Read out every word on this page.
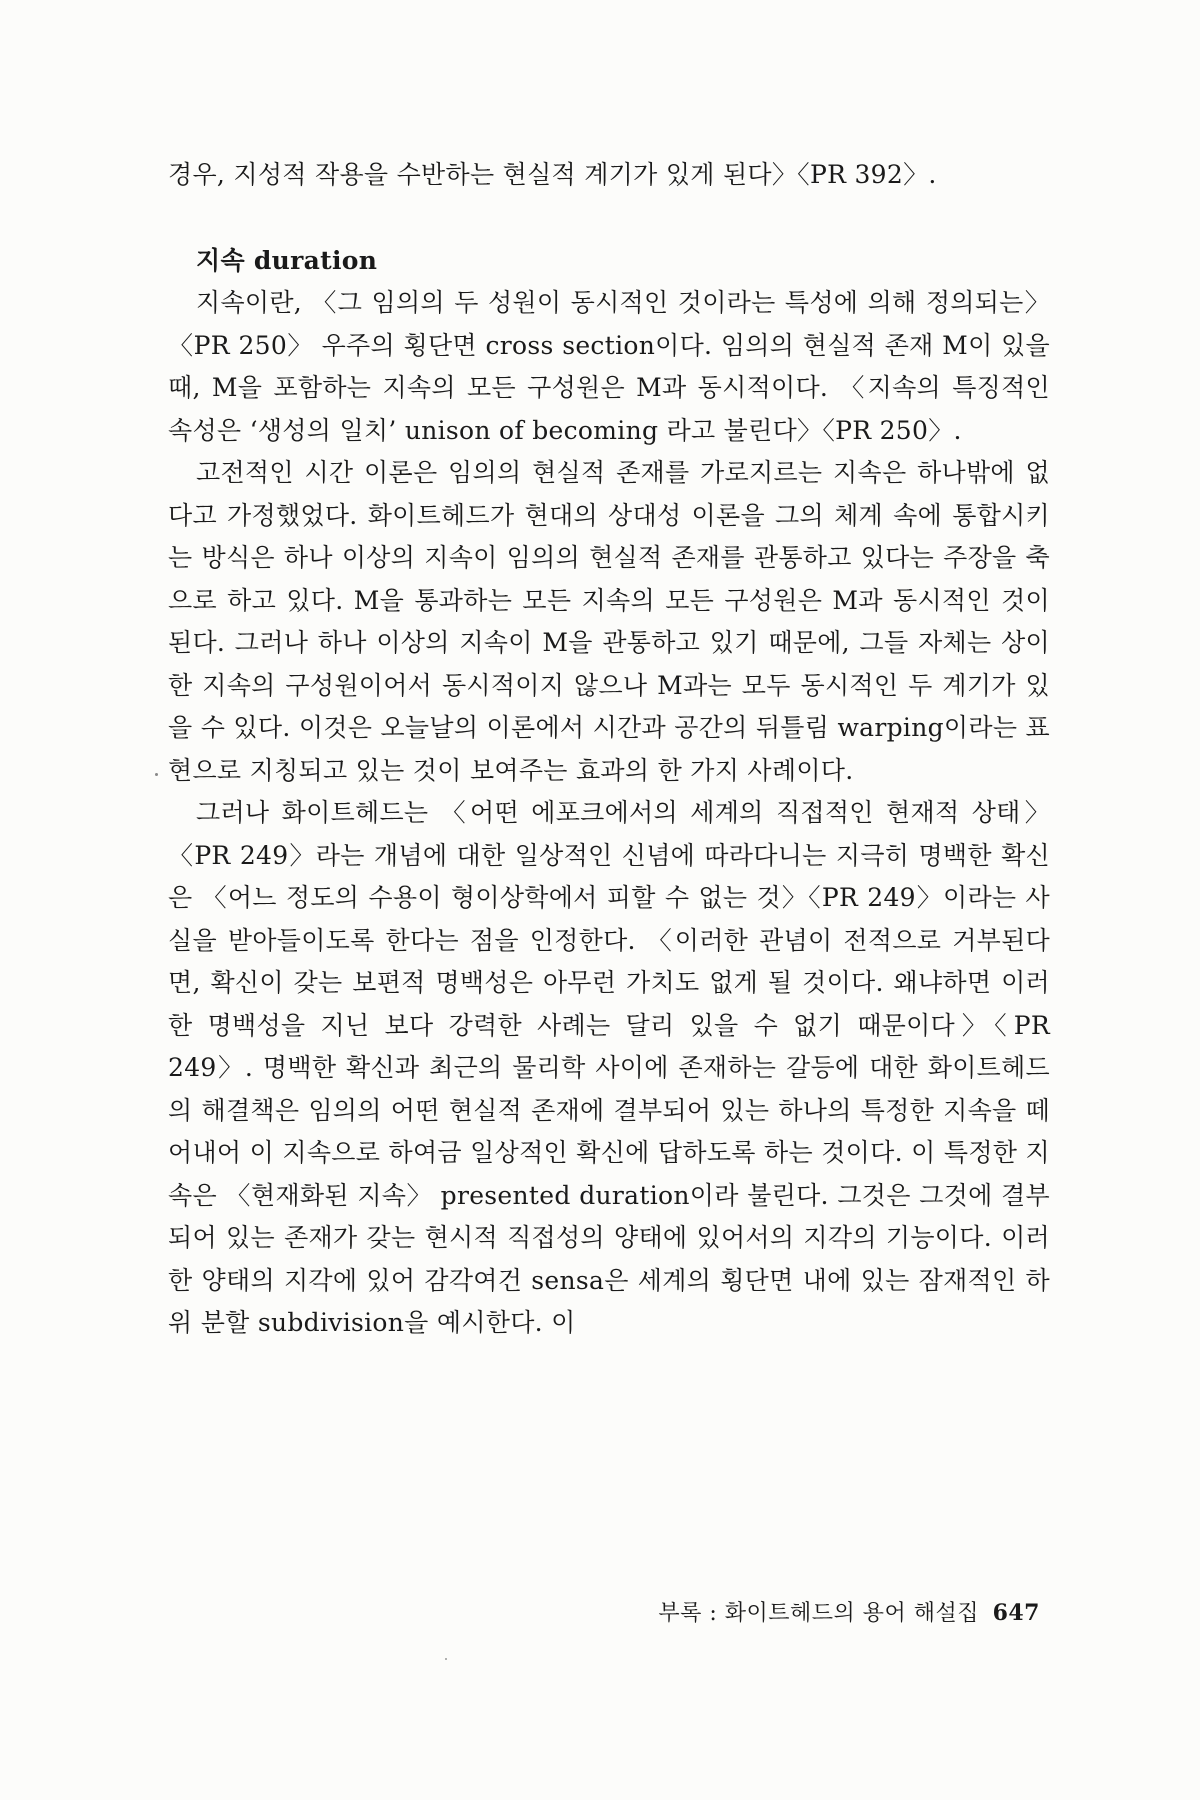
경우, 지성적 작용을 수반하는 현실적 계기가 있게 된다〉〈PR 392〉.

지속 duration

지속이란, 〈그 임의의 두 성원이 동시적인 것이라는 특성에 의해 정의되는〉〈PR 250〉 우주의 횡단면 cross section이다. 임의의 현실적 존재 M이 있을 때, M을 포함하는 지속의 모든 구성원은 M과 동시적이다. 〈지속의 특징적인 속성은 ‘생성의 일치’ unison of becoming 라고 불린다〉〈PR 250〉.

고전적인 시간 이론은 임의의 현실적 존재를 가로지르는 지속은 하나밖에 없다고 가정했었다. 화이트헤드가 현대의 상대성 이론을 그의 체계 속에 통합시키는 방식은 하나 이상의 지속이 임의의 현실적 존재를 관통하고 있다는 주장을 축으로 하고 있다. M을 통과하는 모든 지속의 모든 구성원은 M과 동시적인 것이 된다. 그러나 하나 이상의 지속이 M을 관통하고 있기 때문에, 그들 자체는 상이한 지속의 구성원이어서 동시적이지 않으나 M과는 모두 동시적인 두 계기가 있을 수 있다. 이것은 오늘날의 이론에서 시간과 공간의 뒤틀림 warping이라는 표현으로 지칭되고 있는 것이 보여주는 효과의 한 가지 사례이다.

그러나 화이트헤드는 〈어떤 에포크에서의 세계의 직접적인 현재적 상태〉〈PR 249〉라는 개념에 대한 일상적인 신념에 따라다니는 지극히 명백한 확신은 〈어느 정도의 수용이 형이상학에서 피할 수 없는 것〉〈PR 249〉이라는 사실을 받아들이도록 한다는 점을 인정한다. 〈이러한 관념이 전적으로 거부된다면, 확신이 갖는 보편적 명백성은 아무런 가치도 없게 될 것이다. 왜냐하면 이러한 명백성을 지닌 보다 강력한 사례는 달리 있을 수 없기 때문이다〉〈PR 249〉. 명백한 확신과 최근의 물리학 사이에 존재하는 갈등에 대한 화이트헤드의 해결책은 임의의 어떤 현실적 존재에 결부되어 있는 하나의 특정한 지속을 떼어내어 이 지속으로 하여금 일상적인 확신에 답하도록 하는 것이다. 이 특정한 지속은 〈현재화된 지속〉 presented duration이라 불린다. 그것은 그것에 결부되어 있는 존재가 갖는 현시적 직접성의 양태에 있어서의 지각의 기능이다. 이러한 양태의 지각에 있어 감각여건 sensa은 세계의 횡단면 내에 있는 잠재적인 하위 분할 subdivision을 예시한다. 이

부록 : 화이트헤드의 용어 해설집 647
